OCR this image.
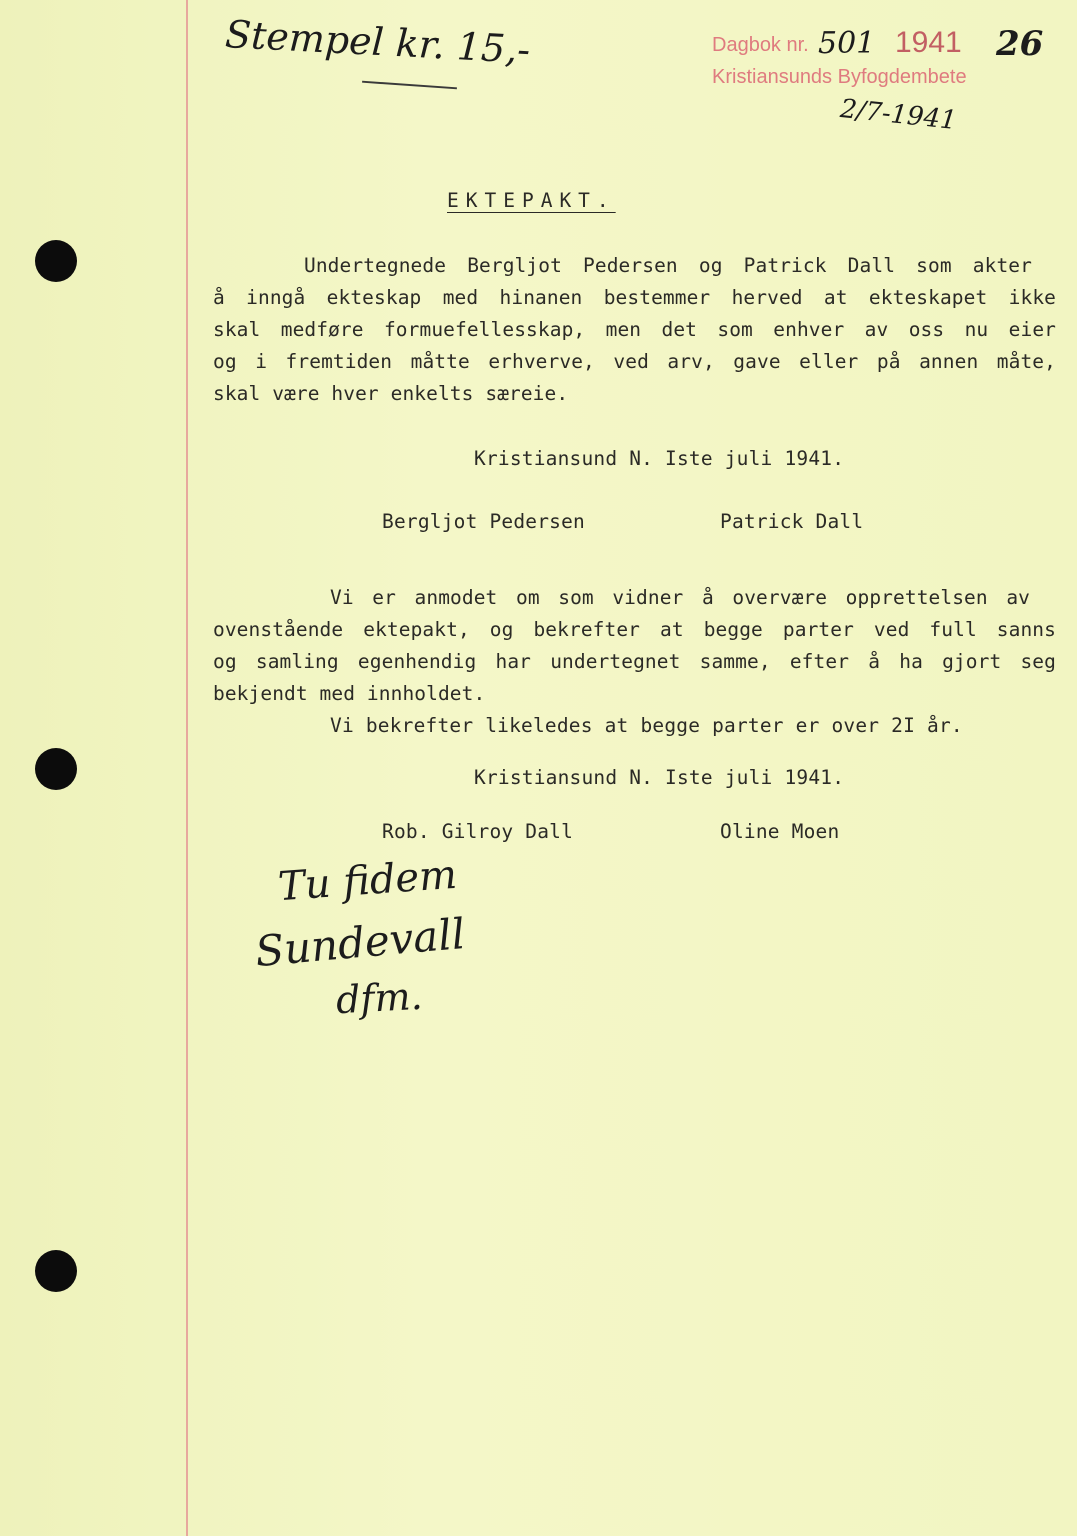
Stempel kr. 15,-	Dagbok nr. 501 1941 26
Kristiansunds Byfogdembete
2/7-1941
EKTEPAKT.
Undertegnede Bergljot Pedersen og Patrick Dall som akter
å inngå ekteskap med hinanen bestemmer herved at ekteskapet ikke
skal medføre formuefellesskap, men det som enhver av oss nu eier
og i fremtiden måtte erhverve, ved arv, gave eller på annen måte,
skal være hver enkelts særeie.
Kristiansund N. Iste juli 1941.
Bergljot Pedersen	Patrick Dall
Vi er anmodet om som vidner å overvære opprettelsen av
ovenstående ektepakt, og bekrefter at begge parter ved full sanns
og samling egenhendig har undertegnet samme, efter å ha gjort seg
bekjendt med innholdet.
Vi bekrefter likeledes at begge parter er over 2I år.
Kristiansund N. Iste juli 1941.
Rob. Gilroy Dall	Oline Moen
Tu fidem
Sundevall
dfm.
